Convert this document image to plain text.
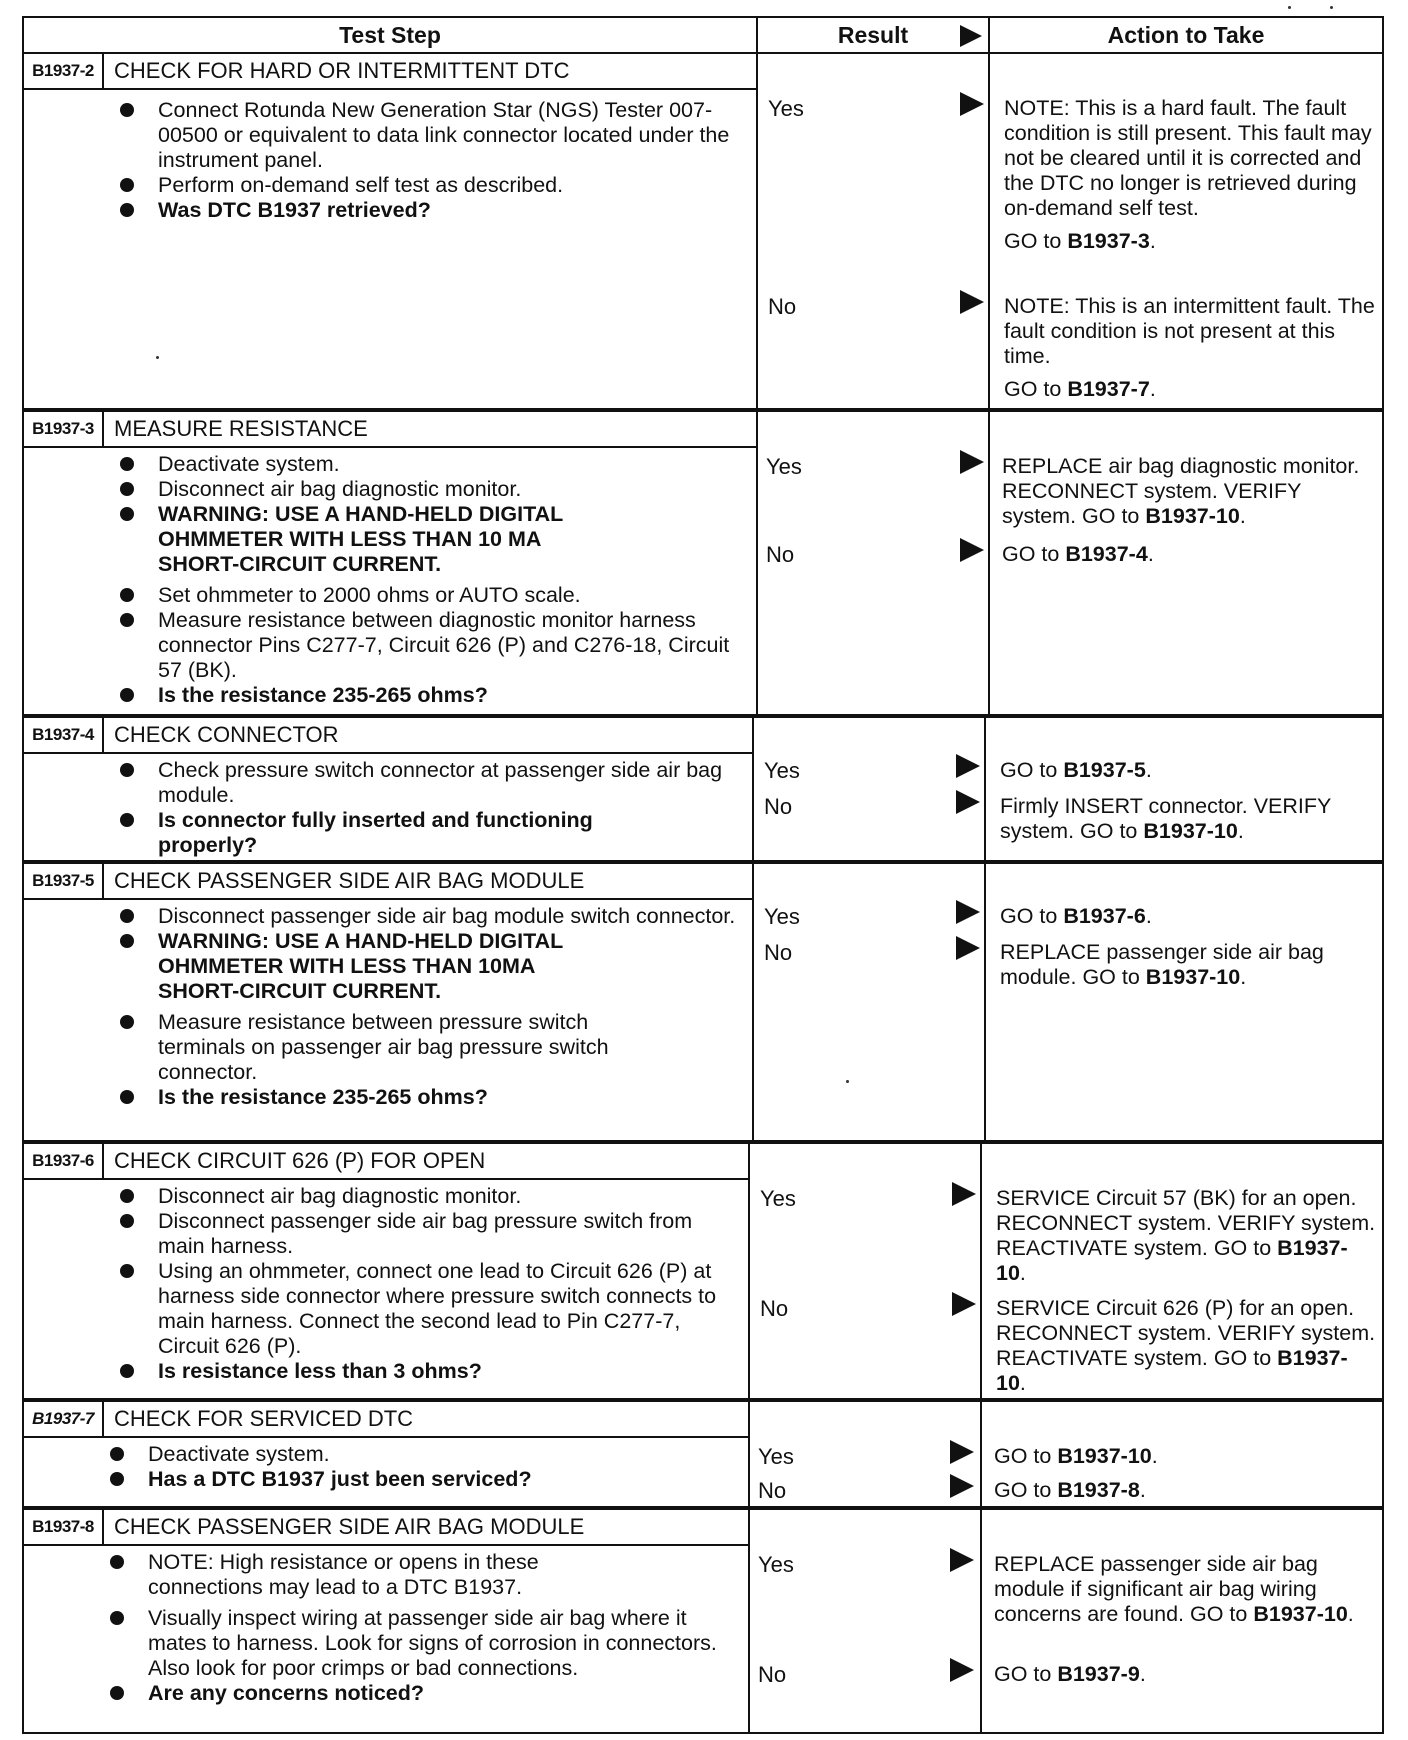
Test Step	Result	Action to Take
B1937-2 CHECK FOR HARD OR INTERMITTENT DTC
Connect Rotunda New Generation Star (NGS) Tester 007-00500 or equivalent to data link connector located under the instrument panel.
Perform on-demand self test as described.
Was DTC B1937 retrieved?
Yes
No

NOTE: This is a hard fault. The fault condition is still present. This fault may not be cleared until it is corrected and the DTC no longer is retrieved during on-demand self test.

GO to B1937-3.

NOTE: This is an intermittent fault. The fault condition is not present at this time.

GO to B1937-7.

B1937-3 MEASURE RESISTANCE
Deactivate system.
Disconnect air bag diagnostic monitor.
WARNING: USE A HAND-HELD DIGITAL OHMMETER WITH LESS THAN 10 MA SHORT-CIRCUIT CURRENT.
Set ohmmeter to 2000 ohms or AUTO scale.
Measure resistance between diagnostic monitor harness connector Pins C277-7, Circuit 626 (P) and C276-18, Circuit 57 (BK).
Is the resistance 235-265 ohms?
Yes
No

REPLACE air bag diagnostic monitor. RECONNECT system. VERIFY system. GO to B1937-10.

GO to B1937-4.

B1937-4 CHECK CONNECTOR
Check pressure switch connector at passenger side air bag module.
Is connector fully inserted and functioning properly?
Yes
No

GO to B1937-5.

Firmly INSERT connector. VERIFY system. GO to B1937-10.

B1937-5 CHECK PASSENGER SIDE AIR BAG MODULE
Disconnect passenger side air bag module switch connector.
WARNING: USE A HAND-HELD DIGITAL OHMMETER WITH LESS THAN 10MA SHORT-CIRCUIT CURRENT.
Measure resistance between pressure switch terminals on passenger air bag pressure switch connector.
Is the resistance 235-265 ohms?
Yes
No

GO to B1937-6.

REPLACE passenger side air bag module. GO to B1937-10.

B1937-6 CHECK CIRCUIT 626 (P) FOR OPEN
Disconnect air bag diagnostic monitor.
Disconnect passenger side air bag pressure switch from main harness.
Using an ohmmeter, connect one lead to Circuit 626 (P) at harness side connector where pressure switch connects to main harness. Connect the second lead to Pin C277-7, Circuit 626 (P).
Is resistance less than 3 ohms?
Yes
No

SERVICE Circuit 57 (BK) for an open. RECONNECT system. VERIFY system. REACTIVATE system. GO to B1937-10.

SERVICE Circuit 626 (P) for an open. RECONNECT system. VERIFY system. REACTIVATE system. GO to B1937-10.

B1937-7 CHECK FOR SERVICED DTC
Deactivate system.
Has a DTC B1937 just been serviced?
Yes
No

GO to B1937-10.

GO to B1937-8.

B1937-8 CHECK PASSENGER SIDE AIR BAG MODULE
NOTE: High resistance or opens in these connections may lead to a DTC B1937.
Visually inspect wiring at passenger side air bag where it mates to harness. Look for signs of corrosion in connectors. Also look for poor crimps or bad connections.
Are any concerns noticed?
Yes
No

REPLACE passenger side air bag module if significant air bag wiring concerns are found. GO to B1937-10.

GO to B1937-9.
